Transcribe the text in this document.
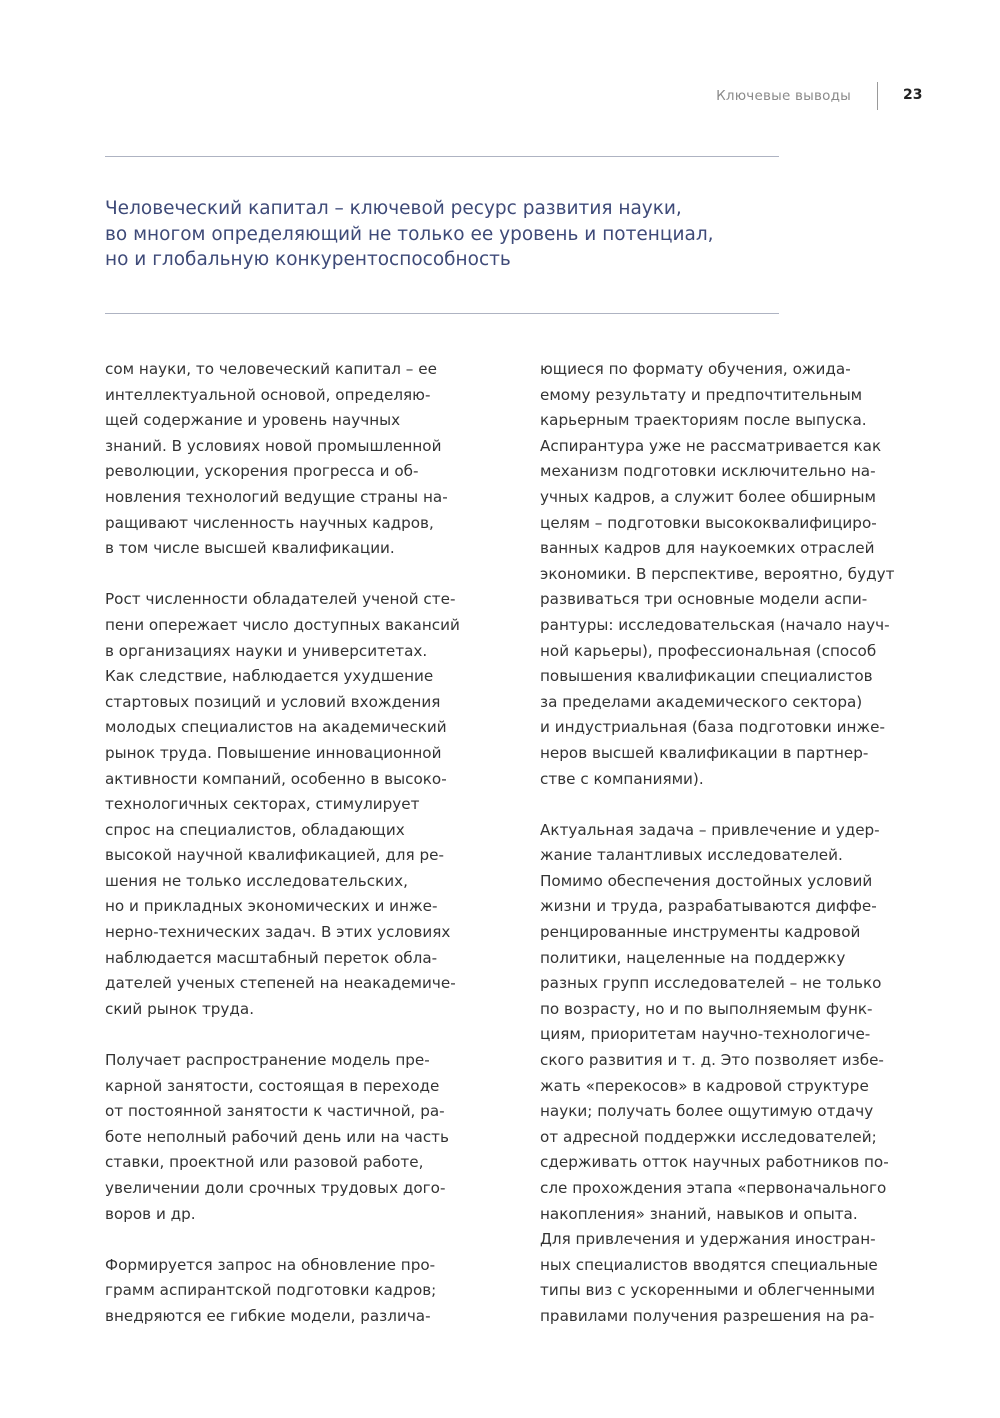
Ключевые выводы	23
Человеческий капитал – ключевой ресурс развития науки,
во многом определяющий не только ее уровень и потенциал,
но и глобальную конкурентоспособность
сом науки, то человеческий капитал – ее
интеллектуальной основой, определяю-
щей содержание и уровень научных
знаний. В условиях новой промышленной
революции, ускорения прогресса и об-
новления технологий ведущие страны на-
ращивают численность научных кадров,
в том числе высшей квалификации.
Рост численности обладателей ученой сте-
пени опережает число доступных вакансий
в организациях науки и университетах.
Как следствие, наблюдается ухудшение
стартовых позиций и условий вхождения
молодых специалистов на академический
рынок труда. Повышение инновационной
активности компаний, особенно в высоко-
технологичных секторах, стимулирует
спрос на специалистов, обладающих
высокой научной квалификацией, для ре-
шения не только исследовательских,
но и прикладных экономических и инже-
нерно-технических задач. В этих условиях
наблюдается масштабный переток обла-
дателей ученых степеней на неакадемиче-
ский рынок труда.
Получает распространение модель пре-
карной занятости, состоящая в переходе
от постоянной занятости к частичной, ра-
боте неполный рабочий день или на часть
ставки, проектной или разовой работе,
увеличении доли срочных трудовых дого-
воров и др.
Формируется запрос на обновление про-
грамм аспирантской подготовки кадров;
внедряются ее гибкие модели, различа-
ющиеся по формату обучения, ожида-
емому результату и предпочтительным
карьерным траекториям после выпуска.
Аспирантура уже не рассматривается как
механизм подготовки исключительно на-
учных кадров, а служит более обширным
целям – подготовки высококвалифициро-
ванных кадров для наукоемких отраслей
экономики. В перспективе, вероятно, будут
развиваться три основные модели аспи-
рантуры: исследовательская (начало науч-
ной карьеры), профессиональная (способ
повышения квалификации специалистов
за пределами академического сектора)
и индустриальная (база подготовки инже-
неров высшей квалификации в партнер-
стве с компаниями).
Актуальная задача – привлечение и удер-
жание талантливых исследователей.
Помимо обеспечения достойных условий
жизни и труда, разрабатываются диффе-
ренцированные инструменты кадровой
политики, нацеленные на поддержку
разных групп исследователей – не только
по возрасту, но и по выполняемым функ-
циям, приоритетам научно-технологиче-
ского развития и т. д. Это позволяет избе-
жать «перекосов» в кадровой структуре
науки; получать более ощутимую отдачу
от адресной поддержки исследователей;
сдерживать отток научных работников по-
сле прохождения этапа «первоначального
накопления» знаний, навыков и опыта.
Для привлечения и удержания иностран-
ных специалистов вводятся специальные
типы виз с ускоренными и облегченными
правилами получения разрешения на ра-
